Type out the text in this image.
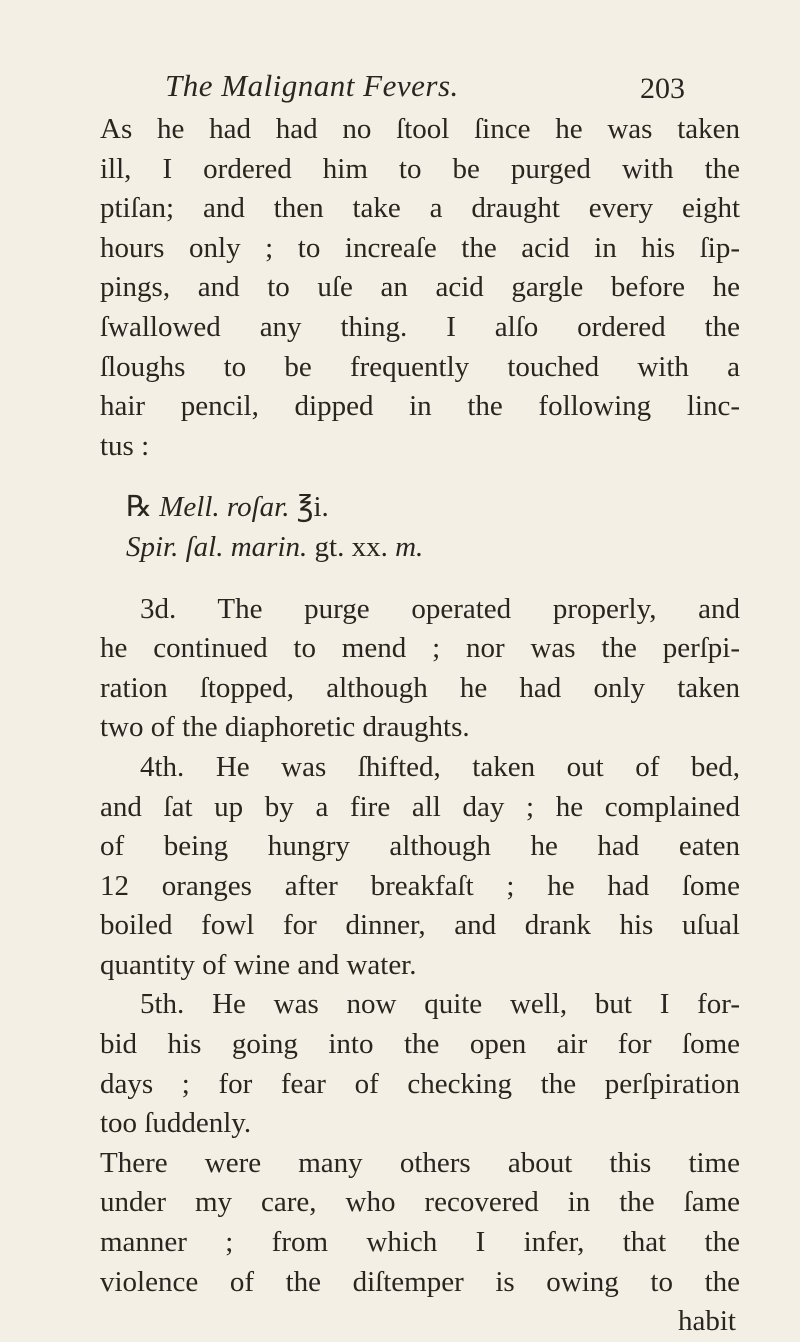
The Malignant Fevers.	203
As he had had no ſtool ſince he was taken
ill, I ordered him to be purged with the
ptiſan; and then take a draught every eight
hours only ; to increaſe the acid in his ſip-
pings, and to uſe an acid gargle before he
ſwallowed any thing. I alſo ordered the
ſloughs to be frequently touched with a
hair pencil, dipped in the following linc-
tus :
℞ Mell. roſar. ℥i.
Spir. ſal. marin. gt. xx. m.
3d. The purge operated properly, and
he continued to mend ; nor was the perſpi-
ration ſtopped, although he had only taken
two of the diaphoretic draughts.
4th. He was ſhifted, taken out of bed,
and ſat up by a fire all day ; he complained
of being hungry although he had eaten
12 oranges after breakfaſt ; he had ſome
boiled fowl for dinner, and drank his uſual
quantity of wine and water.
5th. He was now quite well, but I for-
bid his going into the open air for ſome
days ; for fear of checking the perſpiration
too ſuddenly.
There were many others about this time
under my care, who recovered in the ſame
manner ; from which I infer, that the
violence of the diſtemper is owing to the
habit
